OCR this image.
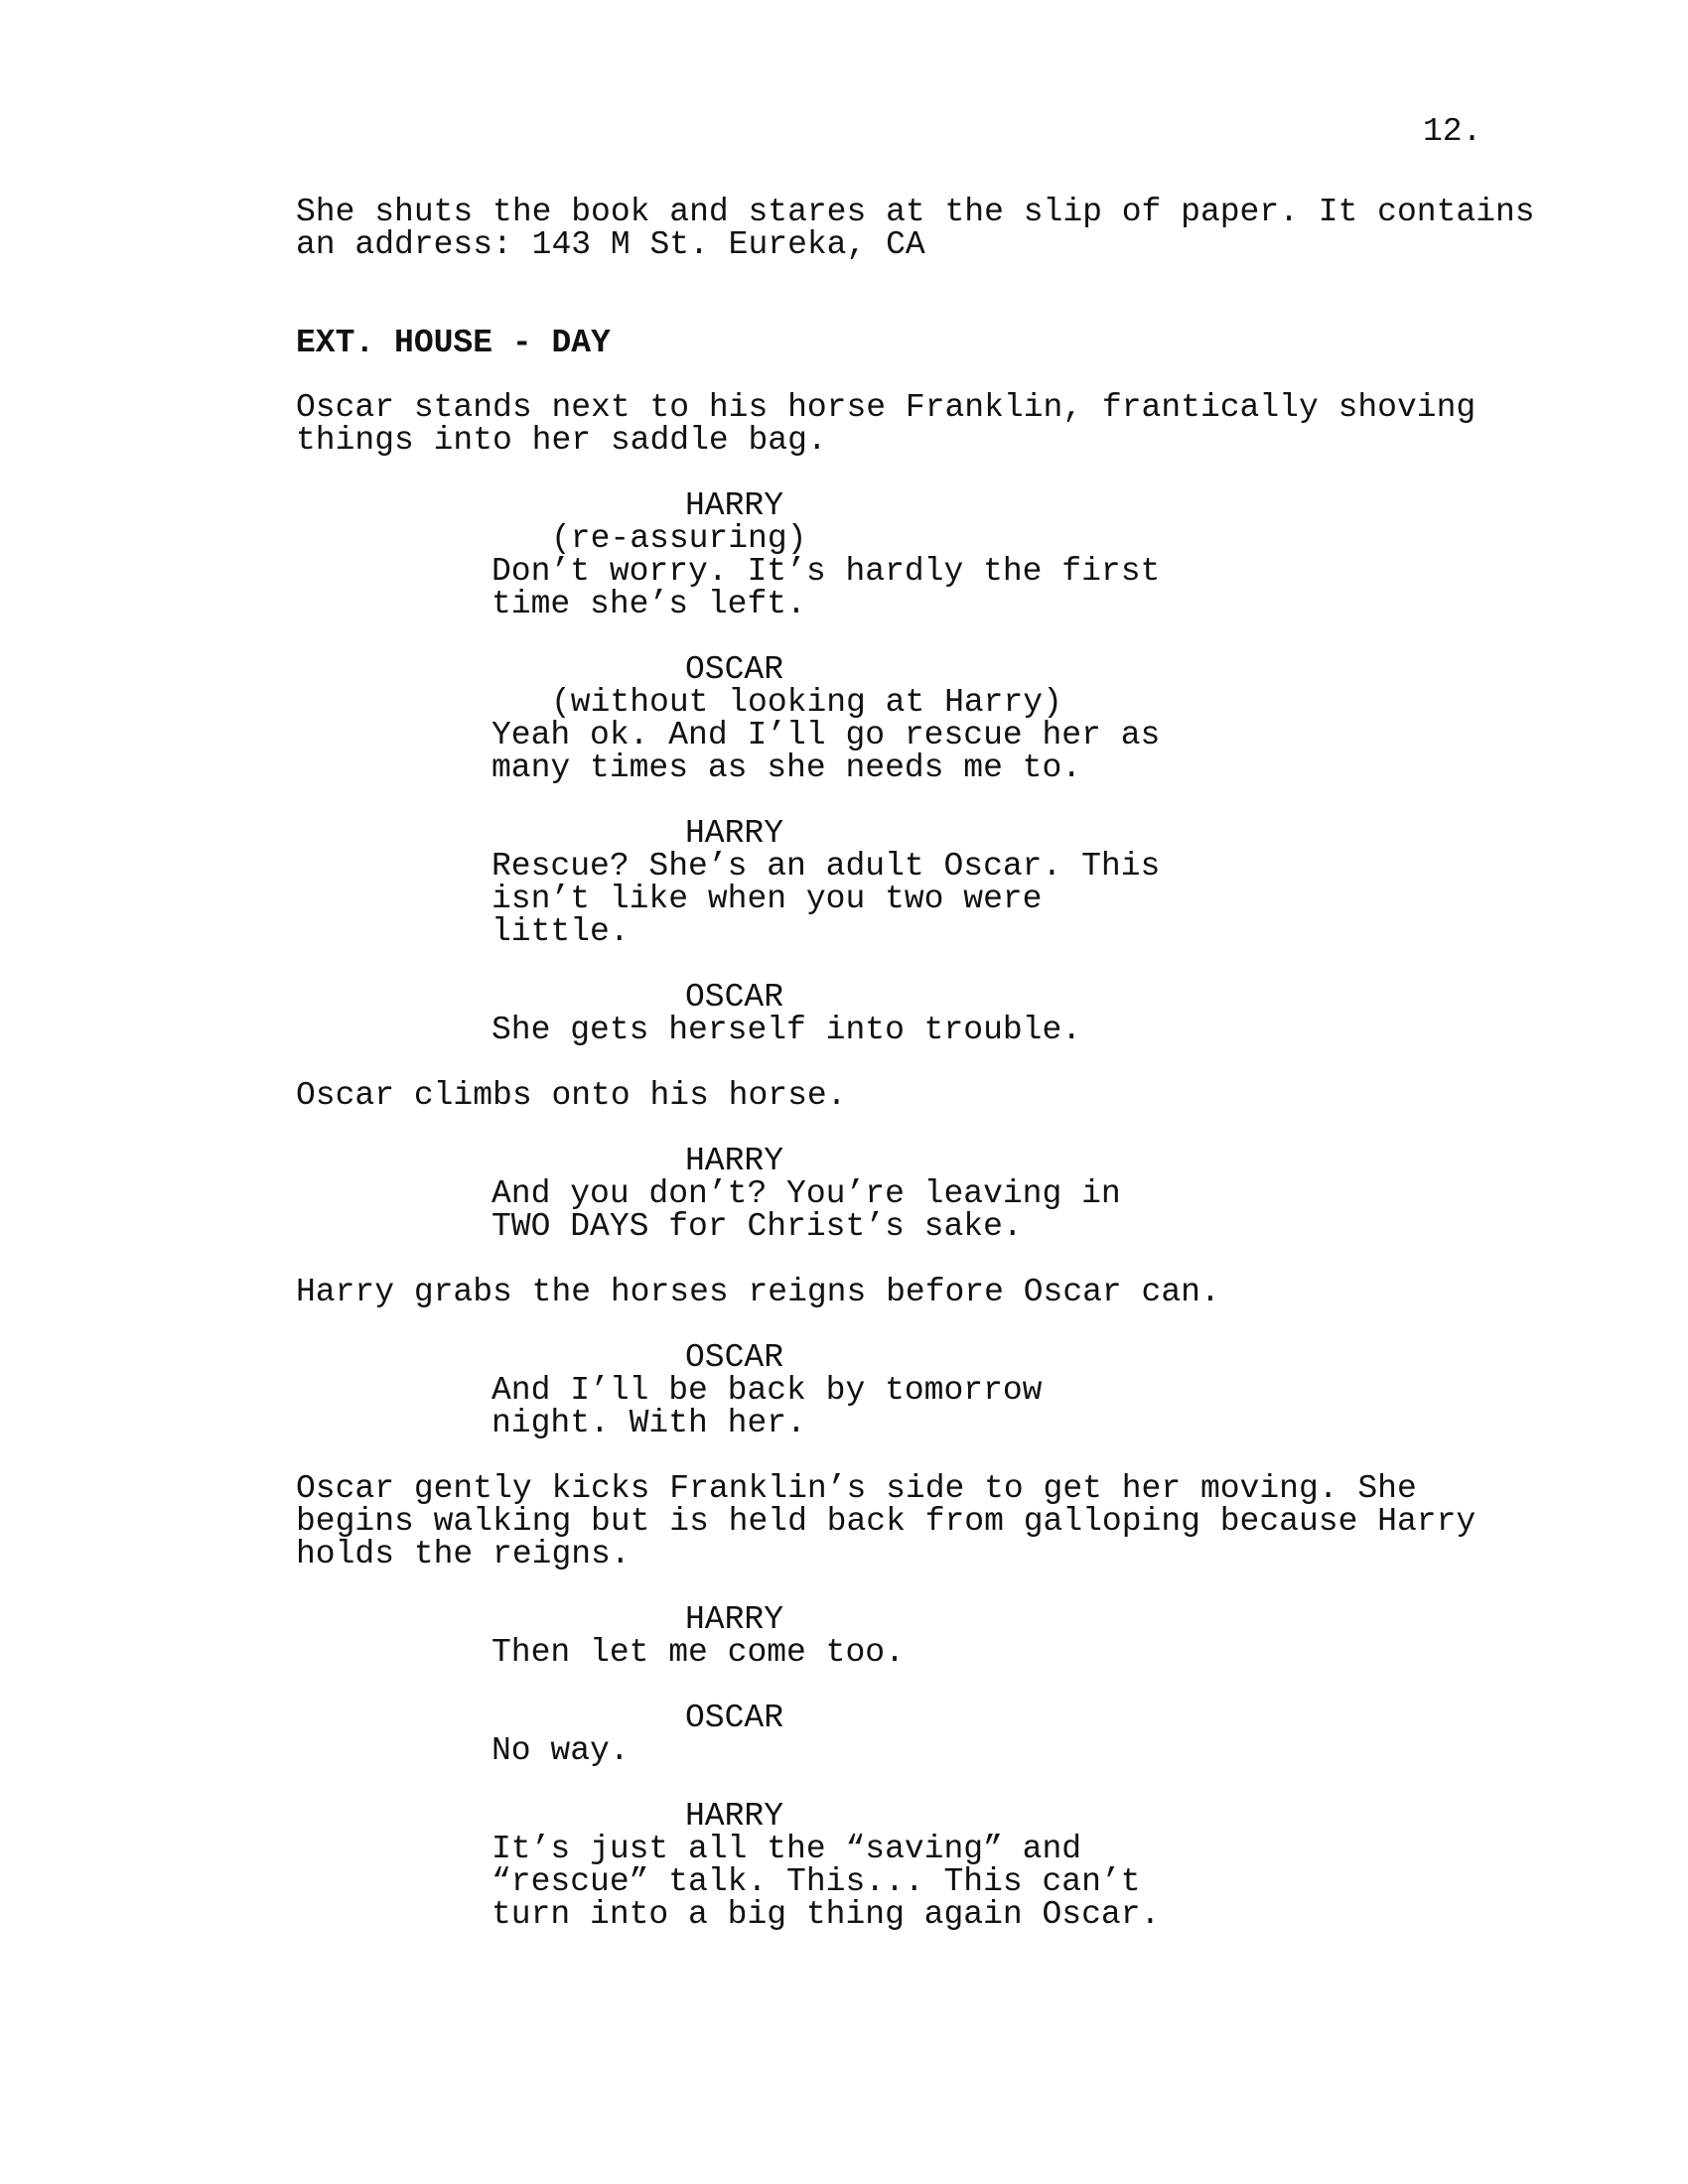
12.
She shuts the book and stares at the slip of paper. It contains
an address: 143 M St. Eureka, CA
EXT. HOUSE - DAY
Oscar stands next to his horse Franklin, frantically shoving
things into her saddle bag.
HARRY
(re-assuring)
Don’t worry. It’s hardly the first
time she’s left.
OSCAR
(without looking at Harry)
Yeah ok. And I’ll go rescue her as
many times as she needs me to.
HARRY
Rescue? She’s an adult Oscar. This
isn’t like when you two were
little.
OSCAR
She gets herself into trouble.
Oscar climbs onto his horse.
HARRY
And you don’t? You’re leaving in
TWO DAYS for Christ’s sake.
Harry grabs the horses reigns before Oscar can.
OSCAR
And I’ll be back by tomorrow
night. With her.
Oscar gently kicks Franklin’s side to get her moving. She
begins walking but is held back from galloping because Harry
holds the reigns.
HARRY
Then let me come too.
OSCAR
No way.
HARRY
It’s just all the “saving” and
“rescue” talk. This... This can’t
turn into a big thing again Oscar.
